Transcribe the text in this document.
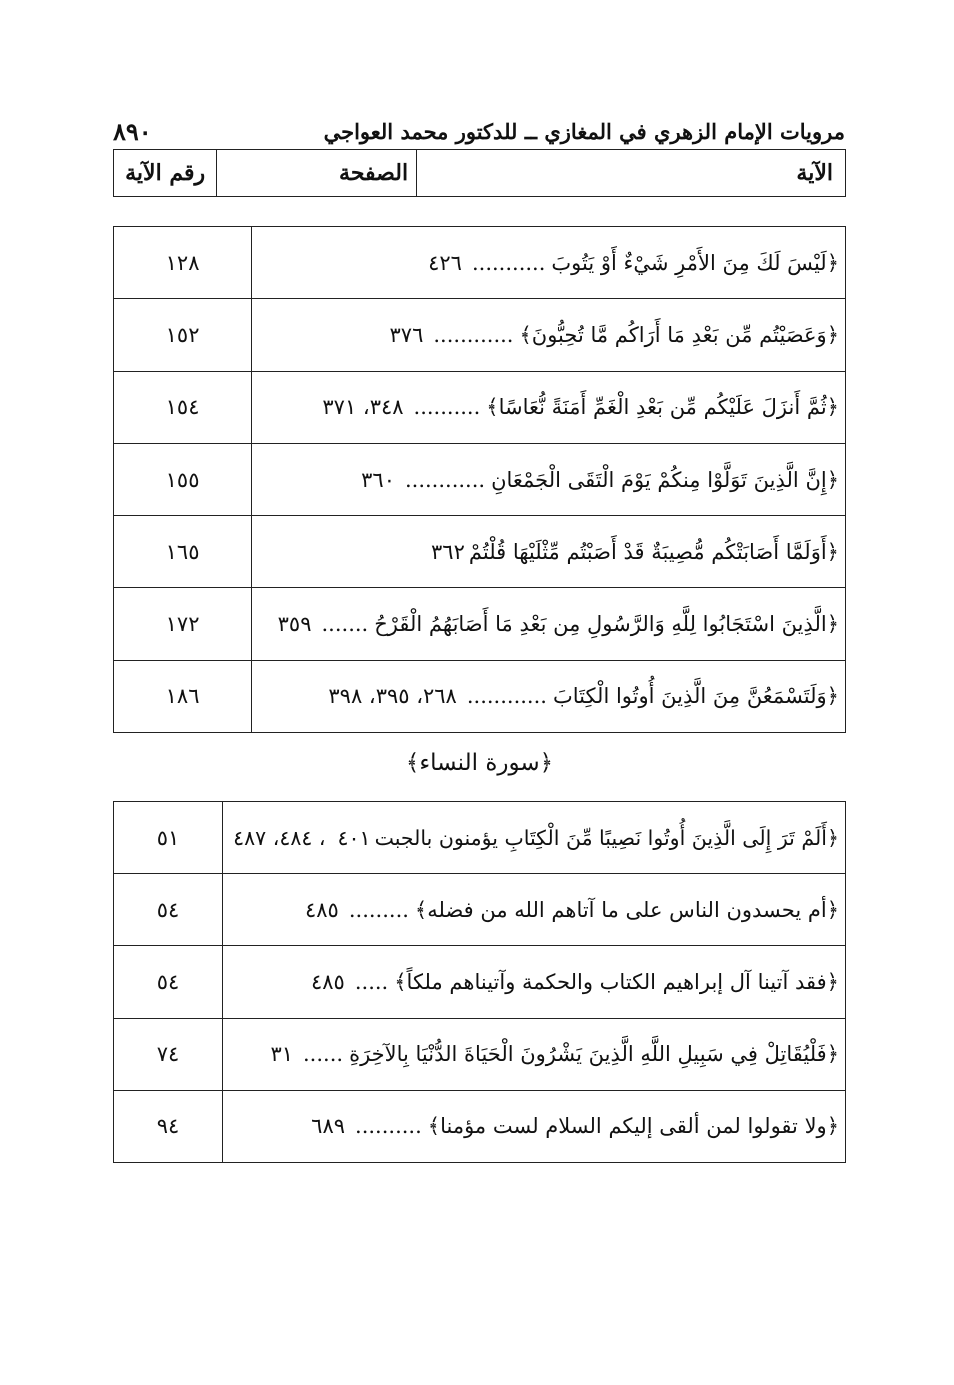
مرويات الإمام الزهري في المغازي ــ للدكتور محمد العواجي
٨٩٠
الآية	الصفحة	رقم الآية
﴿لَيْسَ لَكَ مِنَ الأَمْرِ شَيْءٌ أَوْ يَتُوبَ...........٤٢٦	١٢٨
﴿وَعَصَيْتُم مِّن بَعْدِ مَا أَرَاكُم مَّا تُحِبُّونَ﴾............٣٧٦	١٥٢
﴿ثُمَّ أَنزَلَ عَلَيْكُم مِّن بَعْدِ الْغَمِّ أَمَنَةً نُّعَاسًا﴾..........٣٤٨، ٣٧١	١٥٤
﴿إِنَّ الَّذِينَ تَوَلَّوْا مِنكُمْ يَوْمَ الْتَقَى الْجَمْعَانِ............٣٦٠	١٥٥
﴿أَوَلَمَّا أَصَابَتْكُم مُّصِيبَةٌ قَدْ أَصَبْتُم مِّثْلَيْهَا قُلْتُمْ٣٦٢	١٦٥
﴿الَّذِينَ اسْتَجَابُوا لِلَّهِ وَالرَّسُولِ مِن بَعْدِ مَا أَصَابَهُمُ الْقَرْحُ.......٣٥٩	١٧٢
﴿وَلَتَسْمَعُنَّ مِنَ الَّذِينَ أُوتُوا الْكِتَابَ............٢٦٨، ٣٩٥، ٣٩٨	١٨٦
﴿سورة النساء﴾
﴿أَلَمْ تَرَ إِلَى الَّذِينَ أُوتُوا نَصِيبًا مِّنَ الْكِتَابِ يؤمنون بالجبت٤٠١، ٤٨٤، ٤٨٧	٥١
﴿أم يحسدون الناس على ما آتاهم الله من فضله﴾.........٤٨٥	٥٤
﴿فقد آتينا آل إبراهيم الكتاب والحكمة وآتيناهم ملكاً﴾.....٤٨٥	٥٤
﴿فَلْيُقَاتِلْ فِي سَبِيلِ اللَّهِ الَّذِينَ يَشْرُونَ الْحَيَاةَ الدُّنْيَا بِالآخِرَةِ......٣١	٧٤
﴿ولا تقولوا لمن ألقى إليكم السلام لست مؤمنا﴾..........٦٨٩	٩٤
